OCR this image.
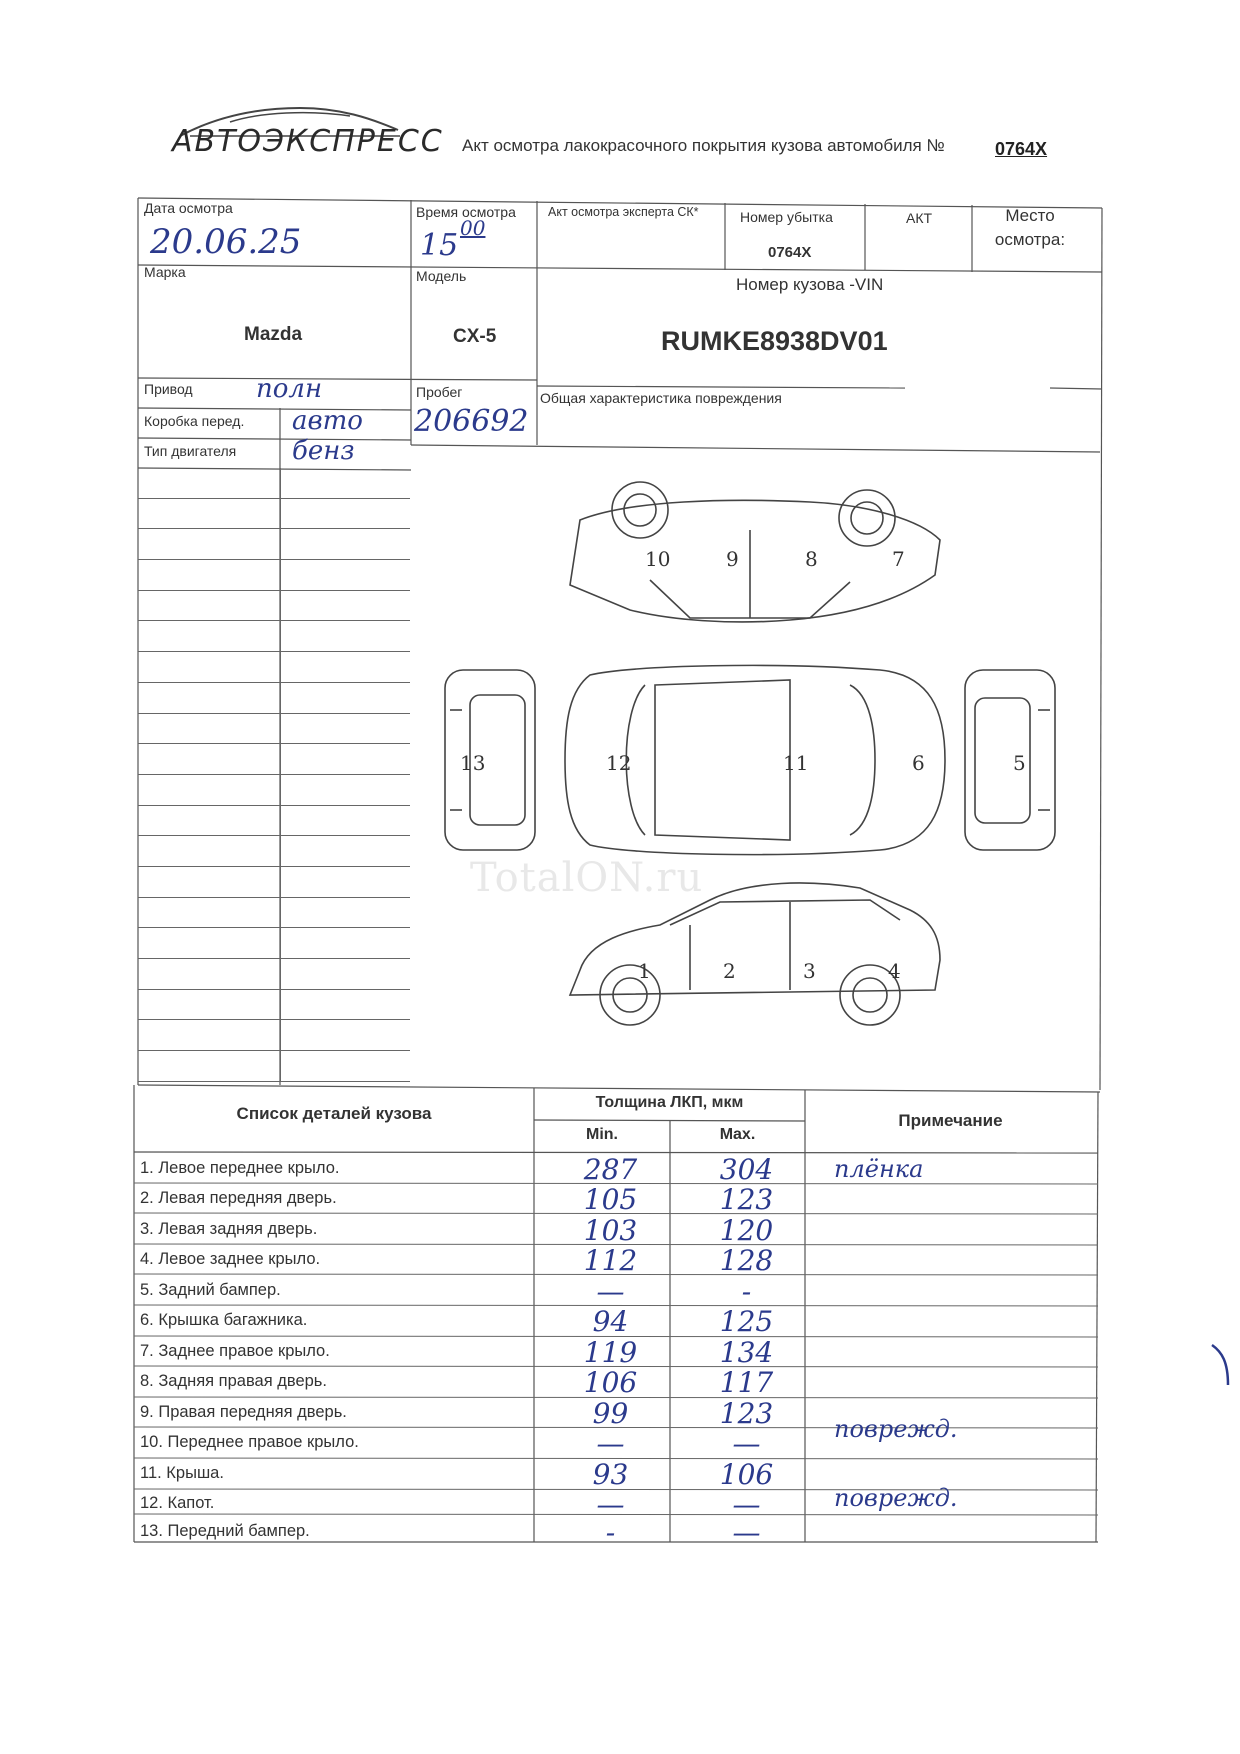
АВТОЭКСПРЕСС Акт осмотра лакокрасочного покрытия кузова автомобиля №	0764X
Дата осмотра
20.06.25
Время осмотра
15 00
Акт осмотра эксперта СК*	Номер убытка
0764X
АКТ	Место осмотра:
Марка
Mazda
Модель
CX-5
Номер кузова -VIN
RUMKE8938DV01
Привод полн
Коробка перед. авто
Тип двигателя бенз
Пробег
206692
Общая характеристика повреждения
10	9	8	7
13	12	11	6	5
1	2	3	4
TotalON.ru
Список деталей кузова
Толщина ЛКП, мкм
Min.	Max.
Примечание
1. Левое переднее крыло.	287	304	плёнка
2. Левая передняя дверь.	105	123
3. Левая задняя дверь.	103	120
4. Левое заднее крыло.	112	128
5. Задний бампер.	—	-
6. Крышка багажника.	94	125
7. Заднее правое крыло.	119	134
8. Задняя правая дверь.	106	117
9. Правая передняя дверь.	99	123
10. Переднее правое крыло.	—	—	поврежд.
11. Крыша.	93	106
12. Капот.	—	—	поврежд.
13. Передний бампер.	-	—
